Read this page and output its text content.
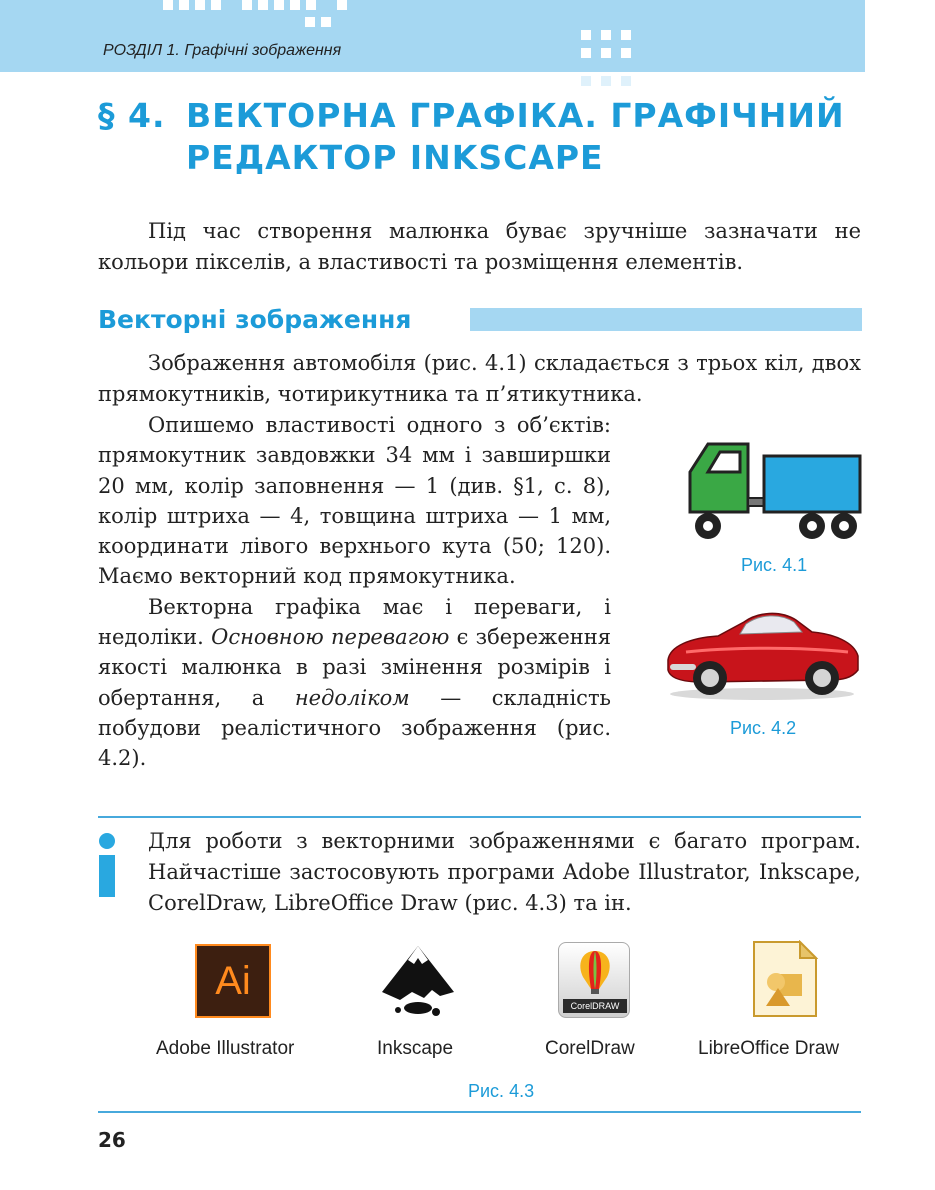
РОЗДІЛ 1. Графічні зображення
§ 4. ВЕКТОРНА ГРАФІКА. ГРАФІЧНИЙ
РЕДАКТОР INKSCAPE
Під час створення малюнка буває зручніше зазначати не кольори пікселів, а властивості та розміщення елементів.
Векторні зображення
Зображення автомобіля (рис. 4.1) складається з трьох кіл, двох прямокутників, чотирикутника та п’ятикутника.
Опишемо властивості одного з об’єктів: прямокутник завдовжки 34 мм і завширшки 20 мм, колір заповнення — 1 (див. §1, с. 8), колір штриха — 4, товщина штриха — 1 мм, координати лівого верхнього кута (50; 120). Маємо векторний код прямокутника.
Векторна графіка має і переваги, і недоліки. Основною перевагою є збереження якості малюнка в разі змінення розмірів і обертання, а недоліком — складність побудови реалістичного зображення (рис. 4.2).
Рис. 4.1
Рис. 4.2
Для роботи з векторними зображеннями є багато програм. Найчастіше застосовують програми Adobe Illustrator, Inkscape, CorelDraw, LibreOffice Draw (рис. 4.3) та ін.
Ai
CorelDRAW
Adobe Illustrator	Inkscape	CorelDraw	LibreOffice Draw
Рис. 4.3
26
